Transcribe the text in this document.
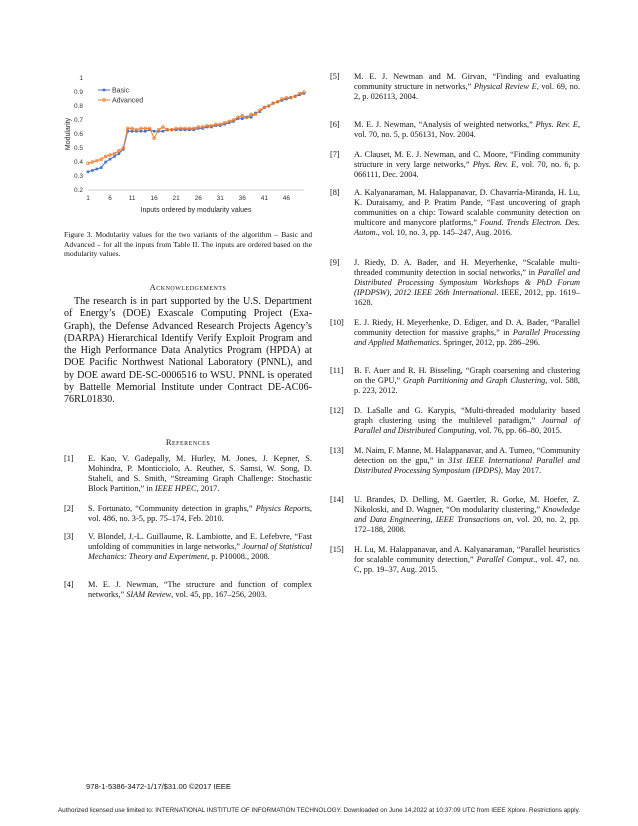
0.2
0.3
0.4
0.5
0.6
0.7
0.8
0.9
1
1	6	11 16 21 26 31 36 41 46
Inputs ordered by modularity values
Modularity
Basic
Advanced
Figure 3. Modularity values for the two variants of the algorithm – Basic and Advanced – for all the inputs from Table II. The inputs are ordered based on the modularity values.
Acknowledgements
The research is in part supported by the U.S. Department of Energy’s (DOE) Exascale Computing Project (Exa-Graph), the Defense Advanced Research Projects Agency’s (DARPA) Hierarchical Identify Verify Exploit Program and the High Performance Data Analytics Program (HPDA) at DOE Pacific Northwest National Laboratory (PNNL), and by DOE award DE-SC-0006516 to WSU. PNNL is operated by Battelle Memorial Institute under Contract DE-AC06-76RL01830.
References
[1] E. Kao, V. Gadepally, M. Hurley, M. Jones, J. Kepner, S. Mohindra, P. Monticciolo, A. Reuther, S. Samsi, W. Song, D. Staheli, and S. Smith, “Streaming Graph Challenge: Stochastic Block Partition,” in IEEE HPEC, 2017.
[2] S. Fortunato, “Community detection in graphs,” Physics Reports, vol. 486, no. 3-5, pp. 75–174, Feb. 2010.
[3] V. Blondel, J.-L. Guillaume, R. Lambiotte, and E. Lefebvre, “Fast unfolding of communities in large networks,” Journal of Statistical Mechanics: Theory and Experiment, p. P10008., 2008.
[4] M. E. J. Newman, “The structure and function of complex networks,” SIAM Review, vol. 45, pp. 167–256, 2003.
[5] M. E. J. Newman and M. Girvan, “Finding and evaluating community structure in networks,” Physical Review E, vol. 69, no. 2, p. 026113, 2004.
[6] M. E. J. Newman, “Analysis of weighted networks,” Phys. Rev. E, vol. 70, no. 5, p. 056131, Nov. 2004.
[7] A. Clauset, M. E. J. Newman, and C. Moore, “Finding community structure in very large networks,” Phys. Rev. E, vol. 70, no. 6, p. 066111, Dec. 2004.
[8] A. Kalyanaraman, M. Halappanavar, D. Chavarría-Miranda, H. Lu, K. Duraisamy, and P. Pratim Pande, “Fast uncovering of graph communities on a chip: Toward scalable community detection on multicore and manycore platforms,” Found. Trends Electron. Des. Autom., vol. 10, no. 3, pp. 145–247, Aug. 2016.
[9] J. Riedy, D. A. Bader, and H. Meyerhenke, “Scalable multi-threaded community detection in social networks,” in Parallel and Distributed Processing Symposium Workshops & PhD Forum (IPDPSW), 2012 IEEE 26th International. IEEE, 2012, pp. 1619–1628.
[10] E. J. Riedy, H. Meyerhenke, D. Ediger, and D. A. Bader, “Parallel community detection for massive graphs,” in Parallel Processing and Applied Mathematics. Springer, 2012, pp. 286–296.
[11] B. F. Auer and R. H. Bisseling, “Graph coarsening and clustering on the GPU,” Graph Partitioning and Graph Clustering, vol. 588, p. 223, 2012.
[12] D. LaSalle and G. Karypis, “Multi-threaded modularity based graph clustering using the multilevel paradigm,” Journal of Parallel and Distributed Computing, vol. 76, pp. 66–80, 2015.
[13] M. Naim, F. Manne, M. Halappanavar, and A. Tumeo, “Community detection on the gpu,” in 31st IEEE International Parallel and Distributed Processing Symposium (IPDPS), May 2017.
[14] U. Brandes, D. Delling, M. Gaertler, R. Gorke, M. Hoefer, Z. Nikoloski, and D. Wagner, “On modularity clustering,” Knowledge and Data Engineering, IEEE Transactions on, vol. 20, no. 2, pp. 172–188, 2008.
[15] H. Lu, M. Halappanavar, and A. Kalyanaraman, “Parallel heuristics for scalable community detection,” Parallel Comput., vol. 47, no. C, pp. 19–37, Aug. 2015.
978-1-5386-3472-1/17/$31.00 ©2017 IEEE
Authorized licensed use limited to: INTERNATIONAL INSTITUTE OF INFORMATION TECHNOLOGY. Downloaded on June 14,2022 at 10:37:09 UTC from IEEE Xplore. Restrictions apply.
